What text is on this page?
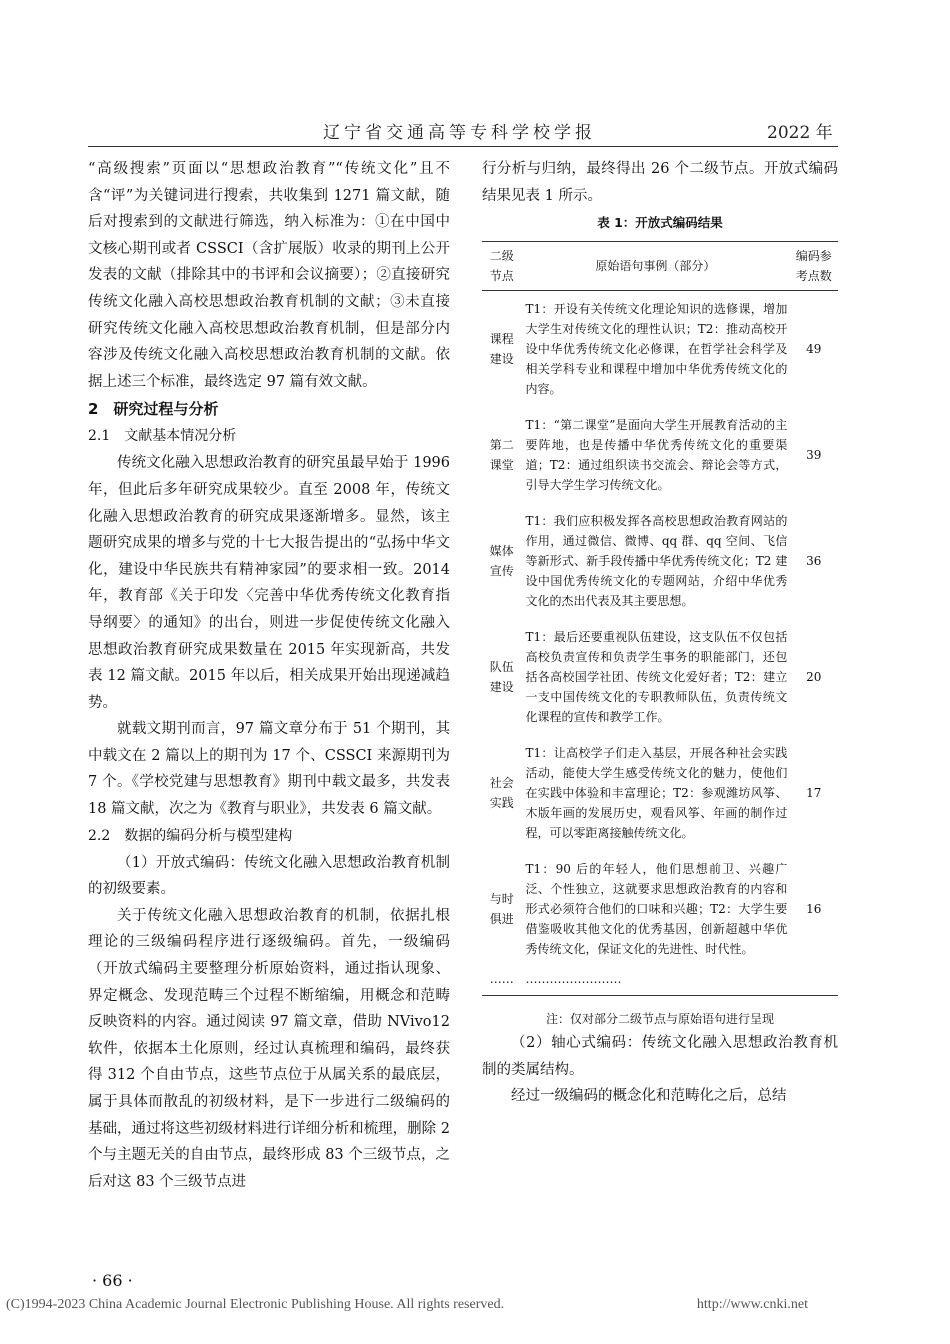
辽宁省交通高等专科学校学报	2022 年

“高级搜索”页面以“思想政治教育”“传统文化”且不含“评”为关键词进行搜索，共收集到 1271 篇文献，随后对搜索到的文献进行筛选，纳入标准为：①在中国中文核心期刊或者 CSSCI（含扩展版）收录的期刊上公开发表的文献（排除其中的书评和会议摘要）；②直接研究传统文化融入高校思想政治教育机制的文献；③未直接研究传统文化融入高校思想政治教育机制，但是部分内容涉及传统文化融入高校思想政治教育机制的文献。依据上述三个标准，最终选定 97 篇有效文献。

2　研究过程与分析
2.1　文献基本情况分析

传统文化融入思想政治教育的研究虽最早始于 1996 年，但此后多年研究成果较少。直至 2008 年，传统文化融入思想政治教育的研究成果逐渐增多。显然，该主题研究成果的增多与党的十七大报告提出的“弘扬中华文化，建设中华民族共有精神家园”的要求相一致。2014 年，教育部《关于印发〈完善中华优秀传统文化教育指导纲要〉的通知》的出台，则进一步促使传统文化融入思想政治教育研究成果数量在 2015 年实现新高，共发表 12 篇文献。2015 年以后，相关成果开始出现递减趋势。

就载文期刊而言，97 篇文章分布于 51 个期刊，其中载文在 2 篇以上的期刊为 17 个、CSSCI 来源期刊为 7 个。《学校党建与思想教育》期刊中载文最多，共发表 18 篇文献，次之为《教育与职业》，共发表 6 篇文献。

2.2　数据的编码分析与模型建构

（1）开放式编码：传统文化融入思想政治教育机制的初级要素。

关于传统文化融入思想政治教育的机制，依据扎根理论的三级编码程序进行逐级编码。首先，一级编码（开放式编码主要整理分析原始资料，通过指认现象、界定概念、发现范畴三个过程不断缩编，用概念和范畴反映资料的内容。通过阅读 97 篇文章，借助 NVivo12 软件，依据本土化原则，经过认真梳理和编码，最终获得 312 个自由节点，这些节点位于从属关系的最底层，属于具体而散乱的初级材料，是下一步进行二级编码的基础，通过将这些初级材料进行详细分析和梳理，删除 2 个与主题无关的自由节点，最终形成 83 个三级节点，之后对这 83 个三级节点进

行分析与归纳，最终得出 26 个二级节点。开放式编码结果见表 1 所示。

表 1：开放式编码结果
二级节点	原始语句事例（部分）	编码参考点数
课程建设	T1：开设有关传统文化理论知识的选修课，增加大学生对传统文化的理性认识；T2：推动高校开设中华优秀传统文化必修课，在哲学社会科学及相关学科专业和课程中增加中华优秀传统文化的内容。	49
第二课堂	T1：“第二课堂”是面向大学生开展教育活动的主要阵地，也是传播中华优秀传统文化的重要渠道；T2：通过组织读书交流会、辩论会等方式，引导大学生学习传统文化。	39
媒体宣传	T1：我们应积极发挥各高校思想政治教育网站的作用，通过微信、微博、qq 群、qq 空间、飞信等新形式、新手段传播中华优秀传统文化；T2 建设中国优秀传统文化的专题网站，介绍中华优秀文化的杰出代表及其主要思想。	36
队伍建设	T1：最后还要重视队伍建设，这支队伍不仅包括高校负责宣传和负责学生事务的职能部门，还包括各高校国学社团、传统文化爱好者；T2：建立一支中国传统文化的专职教师队伍，负责传统文化课程的宣传和教学工作。	20
社会实践	T1：让高校学子们走入基层，开展各种社会实践活动，能使大学生感受传统文化的魅力，使他们在实践中体验和丰富理论；T2：参观潍坊风筝、木版年画的发展历史，观看风筝、年画的制作过程，可以零距离接触传统文化。	17
与时俱进	T1：90 后的年轻人，他们思想前卫、兴趣广泛、个性独立，这就要求思想政治教育的内容和形式必须符合他们的口味和兴趣；T2：大学生要借鉴吸收其他文化的优秀基因，创新超越中华优秀传统文化，保证文化的先进性、时代性。	16
……	……………………	
注：仅对部分二级节点与原始语句进行呈现

（2）轴心式编码：传统文化融入思想政治教育机制的类属结构。

经过一级编码的概念化和范畴化之后，总结

· 66 ·
(C)1994-2023 China Academic Journal Electronic Publishing House. All rights reserved.	http://www.cnki.net
